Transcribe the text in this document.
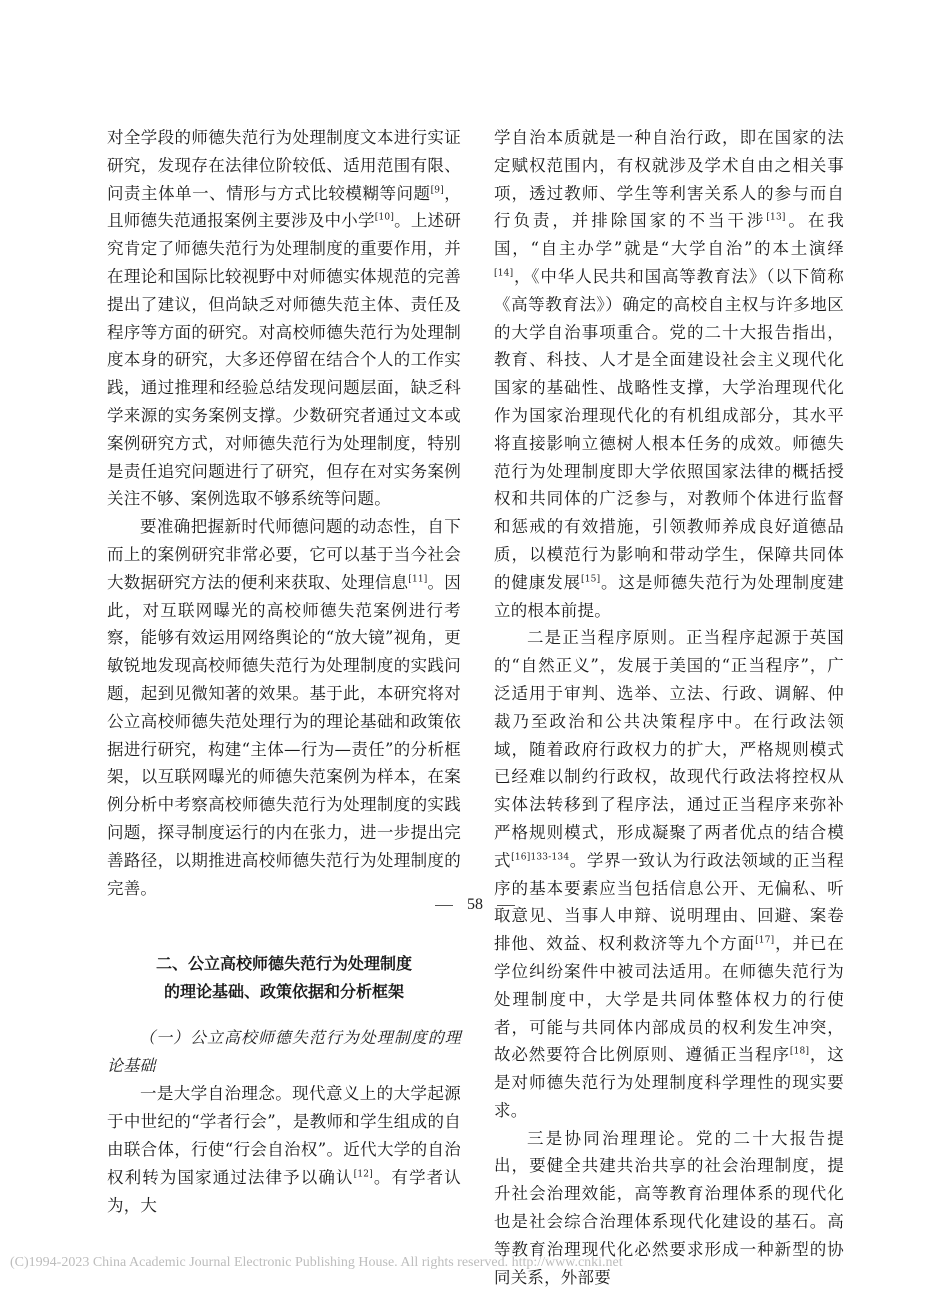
对全学段的师德失范行为处理制度文本进行实证研究，发现存在法律位阶较低、适用范围有限、问责主体单一、情形与方式比较模糊等问题[9]，且师德失范通报案例主要涉及中小学[10]。上述研究肯定了师德失范行为处理制度的重要作用，并在理论和国际比较视野中对师德实体规范的完善提出了建议，但尚缺乏对师德失范主体、责任及程序等方面的研究。对高校师德失范行为处理制度本身的研究，大多还停留在结合个人的工作实践，通过推理和经验总结发现问题层面，缺乏科学来源的实务案例支撑。少数研究者通过文本或案例研究方式，对师德失范行为处理制度，特别是责任追究问题进行了研究，但存在对实务案例关注不够、案例选取不够系统等问题。

要准确把握新时代师德问题的动态性，自下而上的案例研究非常必要，它可以基于当今社会大数据研究方法的便利来获取、处理信息[11]。因此，对互联网曝光的高校师德失范案例进行考察，能够有效运用网络舆论的“放大镜”视角，更敏锐地发现高校师德失范行为处理制度的实践问题，起到见微知著的效果。基于此，本研究将对公立高校师德失范处理行为的理论基础和政策依据进行研究，构建“主体—行为—责任”的分析框架，以互联网曝光的师德失范案例为样本，在案例分析中考察高校师德失范行为处理制度的实践问题，探寻制度运行的内在张力，进一步提出完善路径，以期推进高校师德失范行为处理制度的完善。

二、公立高校师德失范行为处理制度
的理论基础、政策依据和分析框架

（一）公立高校师德失范行为处理制度的理论基础

一是大学自治理念。现代意义上的大学起源于中世纪的“学者行会”，是教师和学生组成的自由联合体，行使“行会自治权”。近代大学的自治权利转为国家通过法律予以确认[12]。有学者认为，大

学自治本质就是一种自治行政，即在国家的法定赋权范围内，有权就涉及学术自由之相关事项，透过教师、学生等利害关系人的参与而自行负责，并排除国家的不当干涉[13]。在我国，“自主办学”就是“大学自治”的本土演绎[14]，《中华人民共和国高等教育法》（以下简称《高等教育法》）确定的高校自主权与许多地区的大学自治事项重合。党的二十大报告指出，教育、科技、人才是全面建设社会主义现代化国家的基础性、战略性支撑，大学治理现代化作为国家治理现代化的有机组成部分，其水平将直接影响立德树人根本任务的成效。师德失范行为处理制度即大学依照国家法律的概括授权和共同体的广泛参与，对教师个体进行监督和惩戒的有效措施，引领教师养成良好道德品质，以模范行为影响和带动学生，保障共同体的健康发展[15]。这是师德失范行为处理制度建立的根本前提。

二是正当程序原则。正当程序起源于英国的“自然正义”，发展于美国的“正当程序”，广泛适用于审判、选举、立法、行政、调解、仲裁乃至政治和公共决策程序中。在行政法领域，随着政府行政权力的扩大，严格规则模式已经难以制约行政权，故现代行政法将控权从实体法转移到了程序法，通过正当程序来弥补严格规则模式，形成凝聚了两者优点的结合模式$^{[16]133-134}$。学界一致认为行政法领域的正当程序的基本要素应当包括信息公开、无偏私、听取意见、当事人申辩、说明理由、回避、案卷排他、效益、权利救济等九个方面[17]，并已在学位纠纷案件中被司法适用。在师德失范行为处理制度中，大学是共同体整体权力的行使者，可能与共同体内部成员的权利发生冲突，故必然要符合比例原则、遵循正当程序[18]，这是对师德失范行为处理制度科学理性的现实要求。

三是协同治理理论。党的二十大报告提出，要健全共建共治共享的社会治理制度，提升社会治理效能，高等教育治理体系的现代化也是社会综合治理体系现代化建设的基石。高等教育治理现代化必然要求形成一种新型的协同关系，外部要

58
(C)1994-2023 China Academic Journal Electronic Publishing House. All rights reserved. http://www.cnki.net
